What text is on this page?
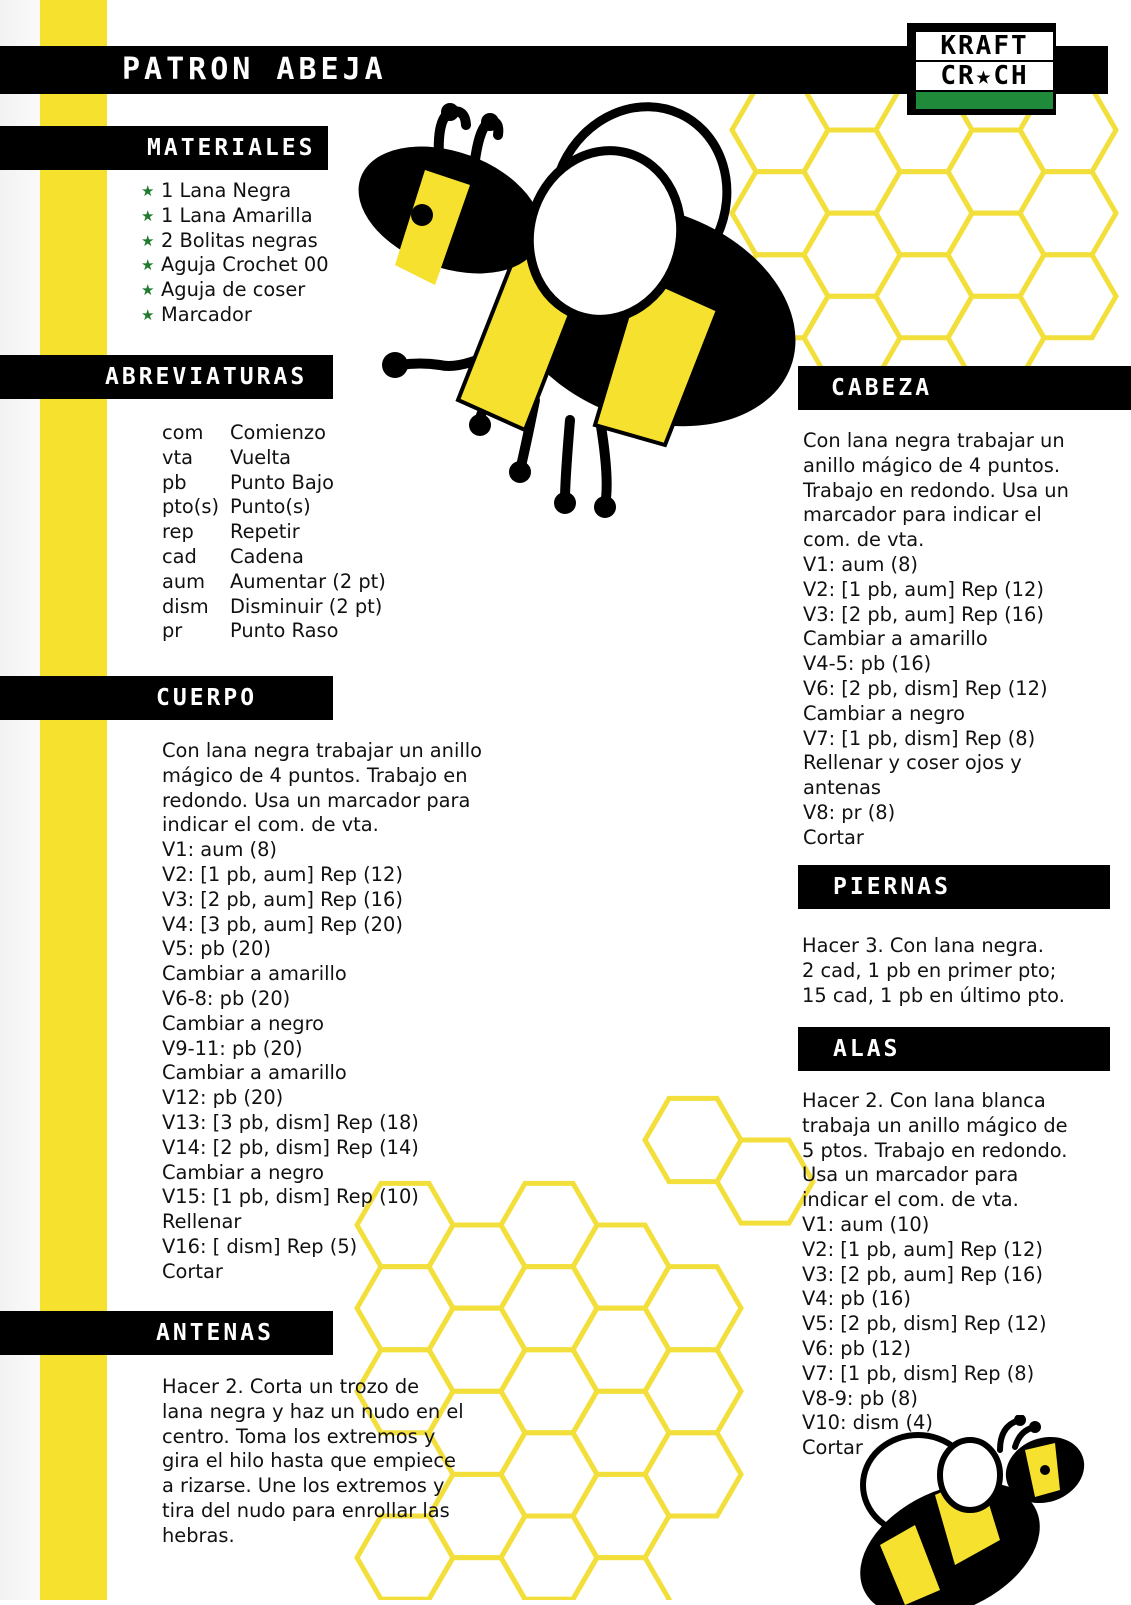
PATRON ABEJA
KRAFT
CR★CH
MATERIALES
★ 1 Lana Negra
★ 1 Lana Amarilla
★ 2 Bolitas negras
★ Aguja Crochet 00
★ Aguja de coser
★ Marcador
ABREVIATURAS
com	Comienzo
vta	Vuelta
pb	Punto Bajo
pto(s)	Punto(s)
rep	Repetir
cad	Cadena
aum	Aumentar (2 pt)
dism	Disminuir (2 pt)
pr	Punto Raso
CUERPO
Con lana negra trabajar un anillo
mágico de 4 puntos. Trabajo en
redondo. Usa un marcador para
indicar el com. de vta.
V1: aum (8)
V2: [1 pb, aum] Rep (12)
V3: [2 pb, aum] Rep (16)
V4: [3 pb, aum] Rep (20)
V5: pb (20)
Cambiar a amarillo
V6-8: pb (20)
Cambiar a negro
V9-11: pb (20)
Cambiar a amarillo
V12: pb (20)
V13: [3 pb, dism] Rep (18)
V14: [2 pb, dism] Rep (14)
Cambiar a negro
V15: [1 pb, dism] Rep (10)
Rellenar
V16: [ dism] Rep (5)
Cortar
ANTENAS
Hacer 2. Corta un trozo de
lana negra y haz un nudo en el
centro. Toma los extremos y
gira el hilo hasta que empiece
a rizarse. Une los extremos y
tira del nudo para enrollar las
hebras.
CABEZA
Con lana negra trabajar un
anillo mágico de 4 puntos.
Trabajo en redondo. Usa un
marcador para indicar el
com. de vta.
V1: aum (8)
V2: [1 pb, aum] Rep (12)
V3: [2 pb, aum] Rep (16)
Cambiar a amarillo
V4-5: pb (16)
V6: [2 pb, dism] Rep (12)
Cambiar a negro
V7: [1 pb, dism] Rep (8)
Rellenar y coser ojos y
antenas
V8: pr (8)
Cortar
PIERNAS
Hacer 3. Con lana negra.
2 cad, 1 pb en primer pto;
15 cad, 1 pb en último pto.
ALAS
Hacer 2. Con lana blanca
trabaja un anillo mágico de
5 ptos. Trabajo en redondo.
Usa un marcador para
indicar el com. de vta.
V1: aum (10)
V2: [1 pb, aum] Rep (12)
V3: [2 pb, aum] Rep (16)
V4: pb (16)
V5: [2 pb, dism] Rep (12)
V6: pb (12)
V7: [1 pb, dism] Rep (8)
V8-9: pb (8)
V10: dism (4)
Cortar
